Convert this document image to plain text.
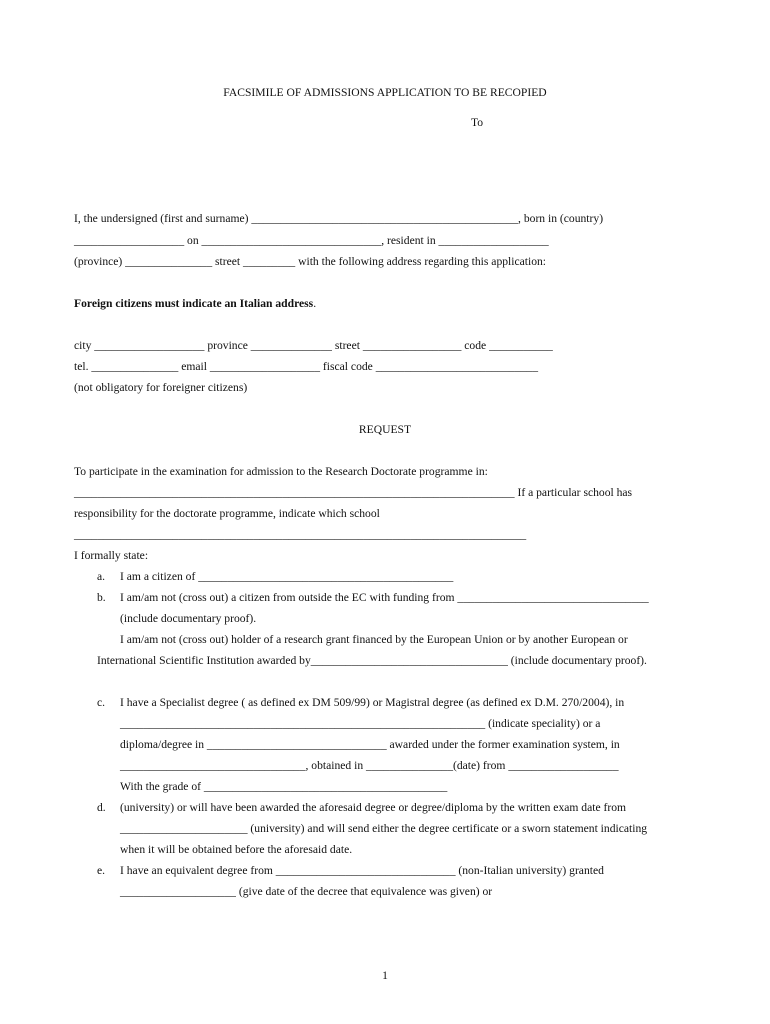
FACSIMILE OF ADMISSIONS APPLICATION TO BE RECOPIED
To
I, the undersigned (first and surname) ______________________________________________, born in (country)
___________________ on _______________________________, resident in ___________________
(province) _______________ street _________ with the following address regarding this application:
Foreign citizens must indicate an Italian address.
city ___________________ province ______________ street _________________ code ___________
tel. _______________ email ___________________ fiscal code ____________________________
(not obligatory for foreigner citizens)
REQUEST
To participate in the examination for admission to the Research Doctorate programme in:
____________________________________________________________________________ If a particular school has
responsibility for the doctorate programme, indicate which school
______________________________________________________________________________
I formally state:
a. I am a citizen of ____________________________________________
b. I am/am not (cross out) a citizen from outside the EC with funding from _________________________________
(include documentary proof).
I am/am not (cross out) holder of a research grant financed by the European Union or by another European or
International Scientific Institution awarded by__________________________________ (include documentary proof).
c. I have a Specialist degree ( as defined ex DM 509/99) or Magistral degree (as defined ex D.M. 270/2004), in
_______________________________________________________________ (indicate speciality) or a
diploma/degree in _______________________________ awarded under the former examination system, in
________________________________, obtained in _______________(date) from ___________________
With the grade of __________________________________________
d. (university) or will have been awarded the aforesaid degree or degree/diploma by the written exam date from
______________________ (university) and will send either the degree certificate or a sworn statement indicating
when it will be obtained before the aforesaid date.
e. I have an equivalent degree from _______________________________ (non-Italian university) granted
____________________ (give date of the decree that equivalence was given) or
1
